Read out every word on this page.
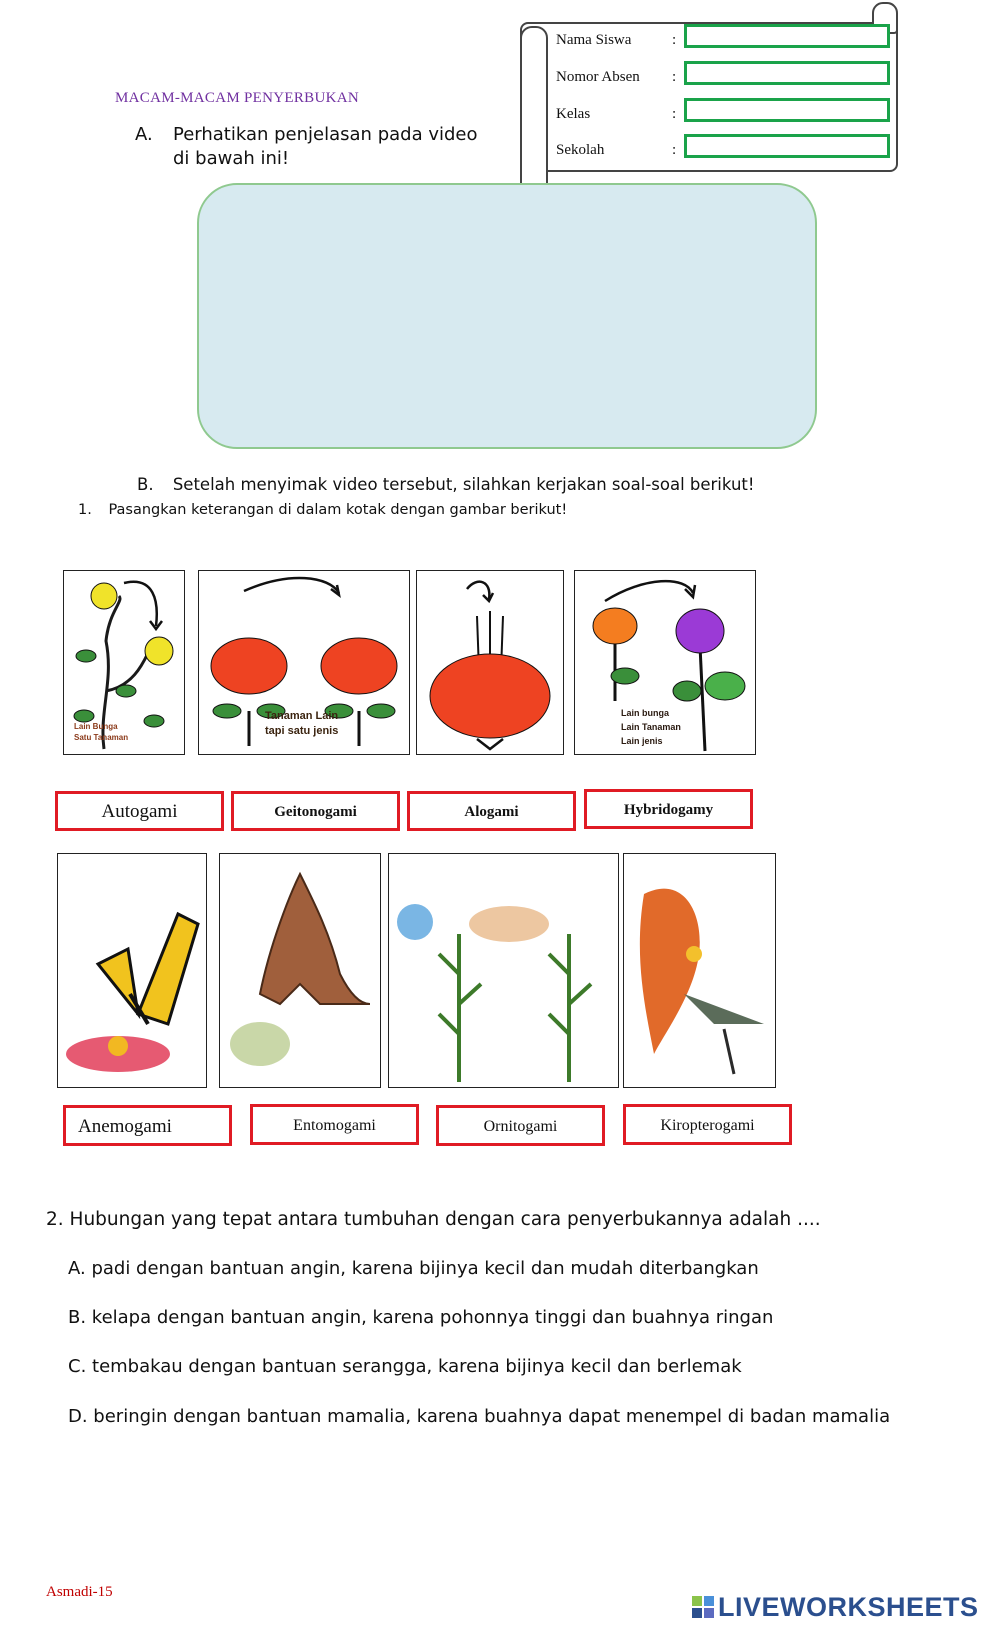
Nama Siswa	:
Nomor Absen	:
Kelas	:
Sekolah	:
MACAM-MACAM PENYERBUKAN
A. Perhatikan penjelasan pada video di bawah ini!
B. Setelah menyimak video tersebut, silahkan kerjakan soal-soal berikut!
1. Pasangkan keterangan di dalam kotak dengan gambar berikut!
Lain Bunga
Satu Tanaman
Tanaman Lain
tapi satu jenis
Lain bunga
Lain Tanaman
Lain jenis
Autogami	Geitonogami	Alogami	Hybridogamy
Anemogami	Entomogami	Ornitogami	Kiropterogami
2. Hubungan yang tepat antara tumbuhan dengan cara penyerbukannya adalah ....
A. padi dengan bantuan angin, karena bijinya kecil dan mudah diterbangkan
B. kelapa dengan bantuan angin, karena pohonnya tinggi dan buahnya ringan
C. tembakau dengan bantuan serangga, karena bijinya kecil dan berlemak
D. beringin dengan bantuan mamalia, karena buahnya dapat menempel di badan mamalia
Asmadi-15	LIVEWORKSHEETS
